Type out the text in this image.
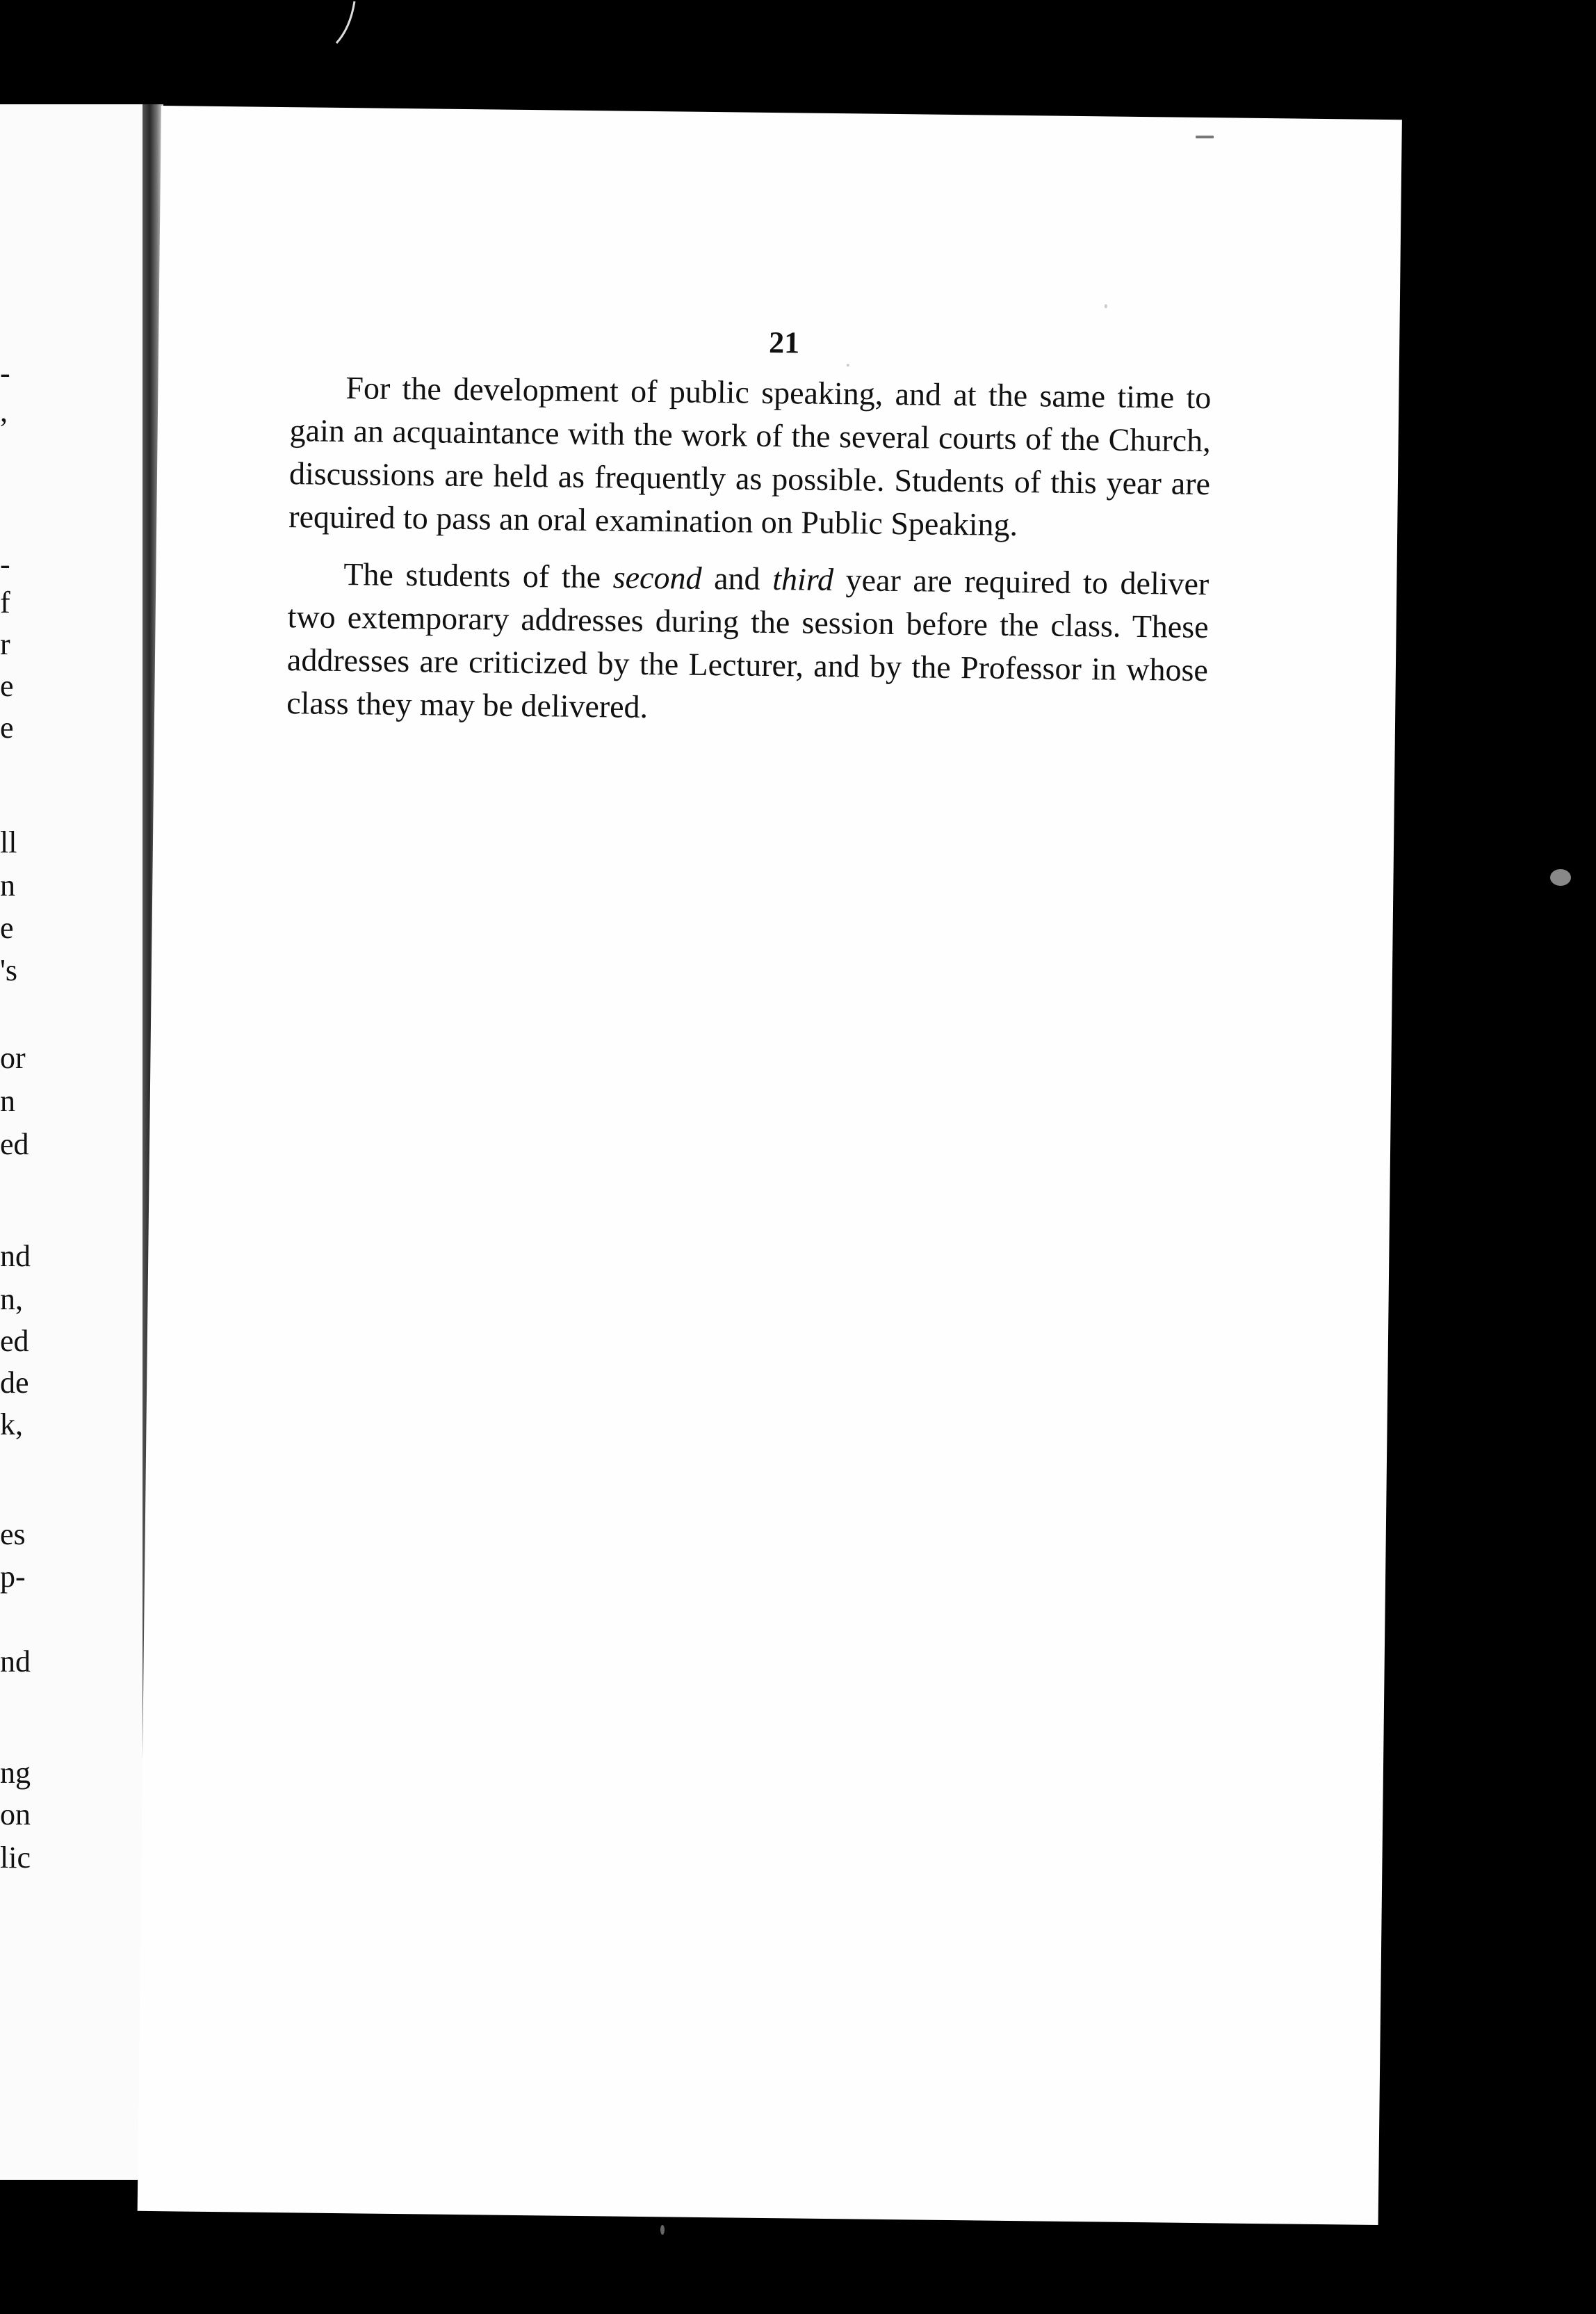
-
,
-
f
r
e
e
ll
n
e
's
or
n
ed
nd
n,
ed
de
k,
es
p-
nd
ng
on
lic
21

For the development of public speaking, and at the same time to gain an acquaintance with the work of the several courts of the Church, discussions are held as frequently as possible. Students of this year are required to pass an oral examination on Public Speaking.

The students of the second and third year are required to deliver two extemporary addresses during the session before the class. These addresses are criticized by the Lecturer, and by the Professor in whose class they may be delivered.
